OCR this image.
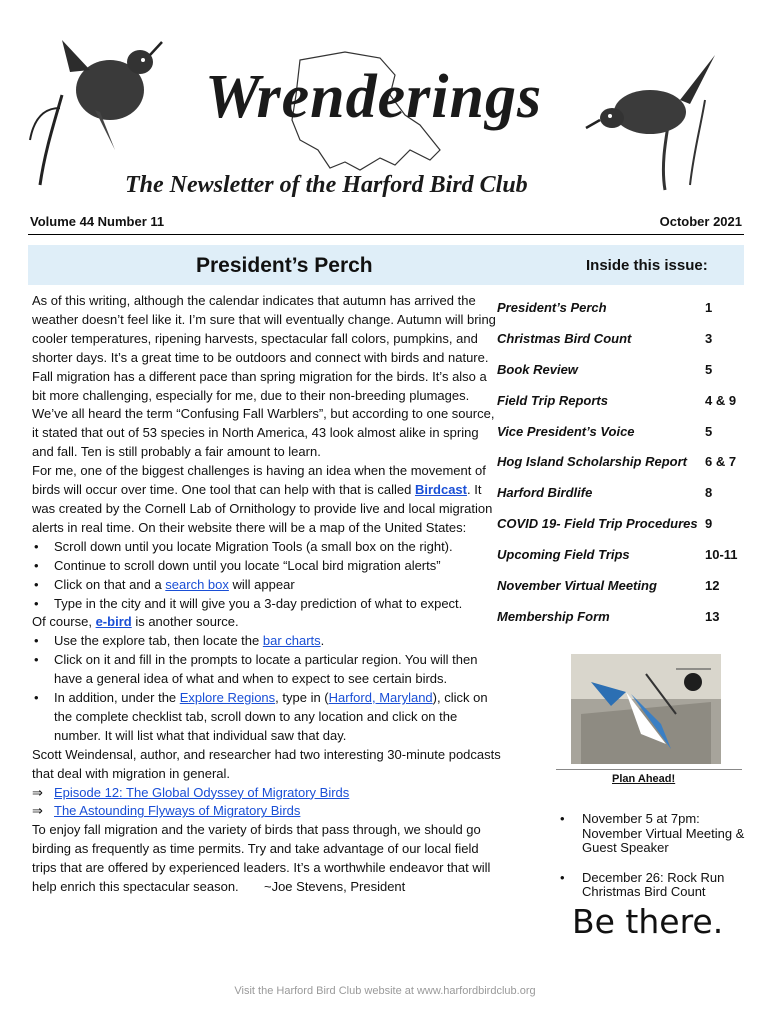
Wrenderings
The Newsletter of the Harford Bird Club
Volume 44 Number 11	October 2021
President’s Perch	Inside this issue:

As of this writing, although the calendar indicates that autumn has arrived the weather doesn’t feel like it. I’m sure that will eventually change. Autumn will bring cooler temperatures, ripening harvests, spectacular fall colors, pumpkins, and shorter days. It’s a great time to be outdoors and connect with birds and nature.

Fall migration has a different pace than spring migration for the birds. It’s also a bit more challenging, especially for me, due to their non-breeding plumages. We’ve all heard the term “Confusing Fall Warblers”, but according to one source, it stated that out of 53 species in North America, 43 look almost alike in spring and fall. Ten is still probably a fair amount to learn.

For me, one of the biggest challenges is having an idea when the movement of birds will occur over time. One tool that can help with that is called Birdcast. It was created by the Cornell Lab of Ornithology to provide live and local migration alerts in real time. On their website there will be a map of the United States:

• Scroll down until you locate Migration Tools (a small box on the right).
• Continue to scroll down until you locate “Local bird migration alerts”
• Click on that and a search box will appear
• Type in the city and it will give you a 3-day prediction of what to expect.

Of course, e-bird is another source.

• Use the explore tab, then locate the bar charts.
• Click on it and fill in the prompts to locate a particular region. You will then have a general idea of what and when to expect to see certain birds.
• In addition, under the Explore Regions, type in (Harford, Maryland), click on the complete checklist tab, scroll down to any location and click on the number. It will list what that individual saw that day.

Scott Weindensal, author, and researcher had two interesting 30-minute podcasts that deal with migration in general.

⇒ Episode 12: The Global Odyssey of Migratory Birds
⇒ The Astounding Flyways of Migratory Birds

To enjoy fall migration and the variety of birds that pass through, we should go birding as frequently as time permits. Try and take advantage of our local field trips that are offered by experienced leaders. It’s a worthwhile endeavor that will help enrich this spectacular season. ~Joe Stevens, President

President’s Perch	1
Christmas Bird Count	3
Book Review	5
Field Trip Reports	4 & 9
Vice President’s Voice	5
Hog Island Scholarship Report 6 & 7
Harford Birdlife	8
COVID 19- Field Trip Procedures 9
Upcoming Field Trips	10-11
November Virtual Meeting	12
Membership Form	13
Plan Ahead!
• November 5 at 7pm: November Virtual Meeting & Guest Speaker
• December 26: Rock Run Christmas Bird Count
Be there.
Visit the Harford Bird Club website at www.harfordbirdclub.org
